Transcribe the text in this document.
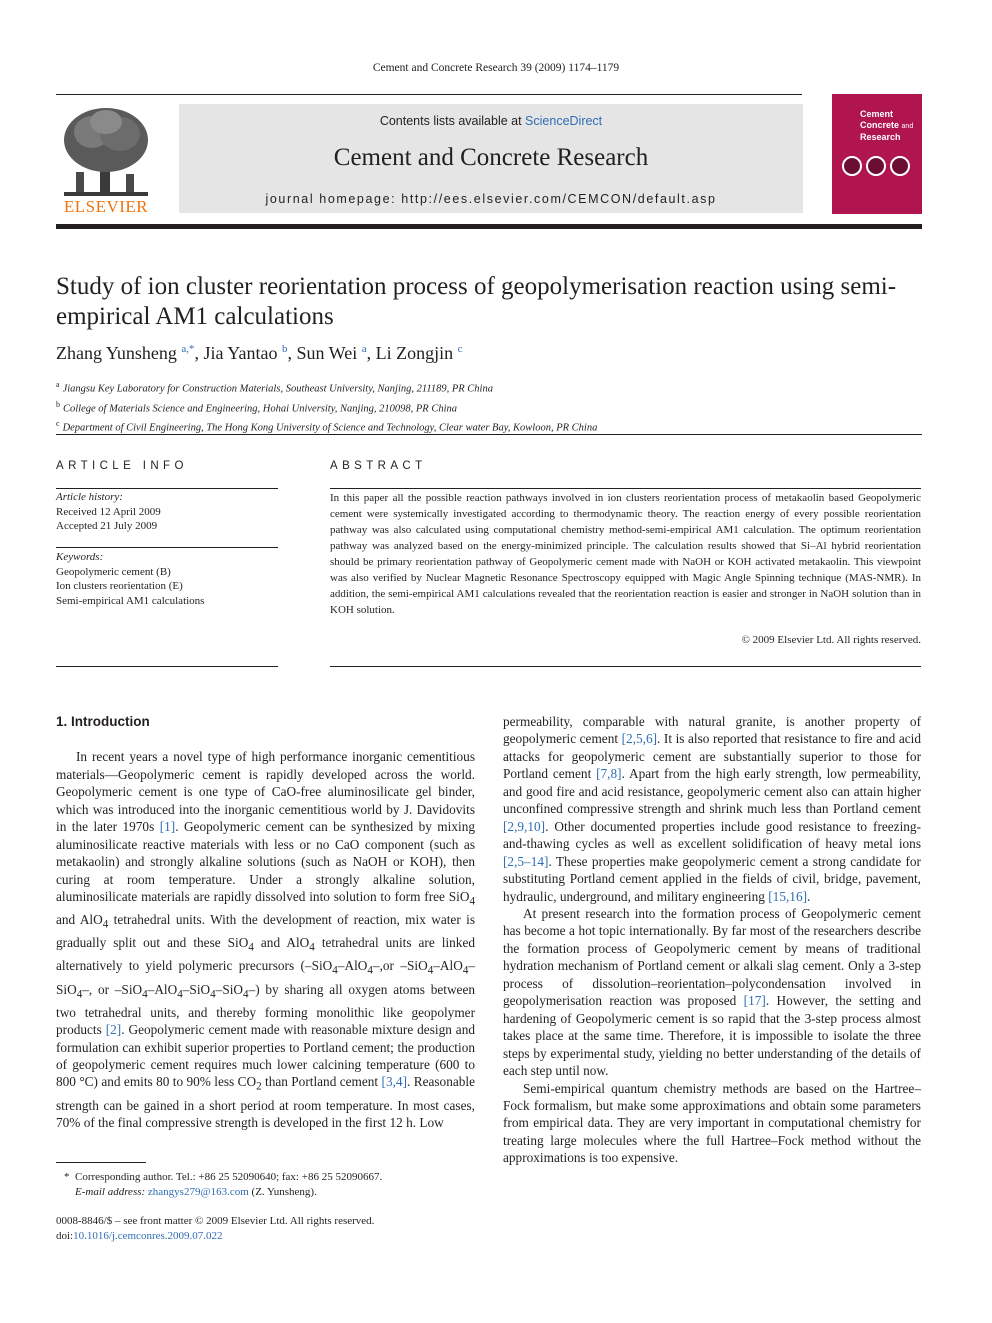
Cement and Concrete Research 39 (2009) 1174–1179
ELSEVIER
Contents lists available at ScienceDirect
Cement and Concrete Research
journal homepage: http://ees.elsevier.com/CEMCON/default.asp
Cement
Concrete and
Research
Study of ion cluster reorientation process of geopolymerisation reaction using semi-empirical AM1 calculations
Zhang Yunsheng $^{a,*}$, Jia Yantao $^b$, Sun Wei $^a$, Li Zongjin $^c$
$^a$ Jiangsu Key Laboratory for Construction Materials, Southeast University, Nanjing, 211189, PR China
$^b$ College of Materials Science and Engineering, Hohai University, Nanjing, 210098, PR China
$^c$ Department of Civil Engineering, The Hong Kong University of Science and Technology, Clear water Bay, Kowloon, PR China
ARTICLE INFO
Article history:
Received 12 April 2009
Accepted 21 July 2009
Keywords:
Geopolymeric cement (B)
Ion clusters reorientation (E)
Semi-empirical AM1 calculations
ABSTRACT
In this paper all the possible reaction pathways involved in ion clusters reorientation process of metakaolin based Geopolymeric cement were systemically investigated according to thermodynamic theory. The reaction energy of every possible reorientation pathway was also calculated using computational chemistry method-semi-empirical AM1 calculation. The optimum reorientation pathway was analyzed based on the energy-minimized principle. The calculation results showed that Si–Al hybrid reorientation should be primary reorientation pathway of Geopolymeric cement made with NaOH or KOH activated metakaolin. This viewpoint was also verified by Nuclear Magnetic Resonance Spectroscopy equipped with Magic Angle Spinning technique (MAS-NMR). In addition, the semi-empirical AM1 calculations revealed that the reorientation reaction is easier and stronger in NaOH solution than in KOH solution.
© 2009 Elsevier Ltd. All rights reserved.
1. Introduction

In recent years a novel type of high performance inorganic cementitious materials—Geopolymeric cement is rapidly developed across the world. Geopolymeric cement is one type of CaO-free aluminosilicate gel binder, which was introduced into the inorganic cementitious world by J. Davidovits in the later 1970s [1]. Geopolymeric cement can be synthesized by mixing aluminosilicate reactive materials with less or no CaO component (such as metakaolin) and strongly alkaline solutions (such as NaOH or KOH), then curing at room temperature. Under a strongly alkaline solution, aluminosilicate materials are rapidly dissolved into solution to form free SiO$_4$ and AlO$_4$ tetrahedral units. With the development of reaction, mix water is gradually split out and these SiO$_4$ and AlO$_4$ tetrahedral units are linked alternatively to yield polymeric precursors (–SiO$_4$–AlO$_4$–,or –SiO$_4$–AlO$_4$–SiO$_4$–, or –SiO$_4$–AlO$_4$–SiO$_4$–SiO$_4$–) by sharing all oxygen atoms between two tetrahedral units, and thereby forming monolithic like geopolymer products [2]. Geopolymeric cement made with reasonable mixture design and formulation can exhibit superior properties to Portland cement; the production of geopolymeric cement requires much lower calcining temperature (600 to 800 °C) and emits 80 to 90% less $CO_2$ than Portland cement [3,4]. Reasonable strength can be gained in a short period at room temperature. In most cases, 70% of the final compressive strength is developed in the first 12 h. Low

permeability, comparable with natural granite, is another property of geopolymeric cement [2,5,6]. It is also reported that resistance to fire and acid attacks for geopolymeric cement are substantially superior to those for Portland cement [7,8]. Apart from the high early strength, low permeability, and good fire and acid resistance, geopolymeric cement also can attain higher unconfined compressive strength and shrink much less than Portland cement [2,9,10]. Other documented properties include good resistance to freezing-and-thawing cycles as well as excellent solidification of heavy metal ions [2,5–14]. These properties make geopolymeric cement a strong candidate for substituting Portland cement applied in the fields of civil, bridge, pavement, hydraulic, underground, and military engineering [15,16].

At present research into the formation process of Geopolymeric cement has become a hot topic internationally. By far most of the researchers describe the formation process of Geopolymeric cement by means of traditional hydration mechanism of Portland cement or alkali slag cement. Only a 3-step process of dissolution–reorientation–polycondensation involved in geopolymerisation reaction was proposed [17]. However, the setting and hardening of Geopolymeric cement is so rapid that the 3-step process almost takes place at the same time. Therefore, it is impossible to isolate the three steps by experimental study, yielding no better understanding of the details of each step until now.

Semi-empirical quantum chemistry methods are based on the Hartree–Fock formalism, but make some approximations and obtain some parameters from empirical data. They are very important in computational chemistry for treating large molecules where the full Hartree–Fock method without the approximations is too expensive.

*  Corresponding author. Tel.: +86 25 52090640; fax: +86 25 52090667.
E-mail address: zhangys279@163.com (Z. Yunsheng).
0008-8846/$ – see front matter © 2009 Elsevier Ltd. All rights reserved.
doi:10.1016/j.cemconres.2009.07.022
